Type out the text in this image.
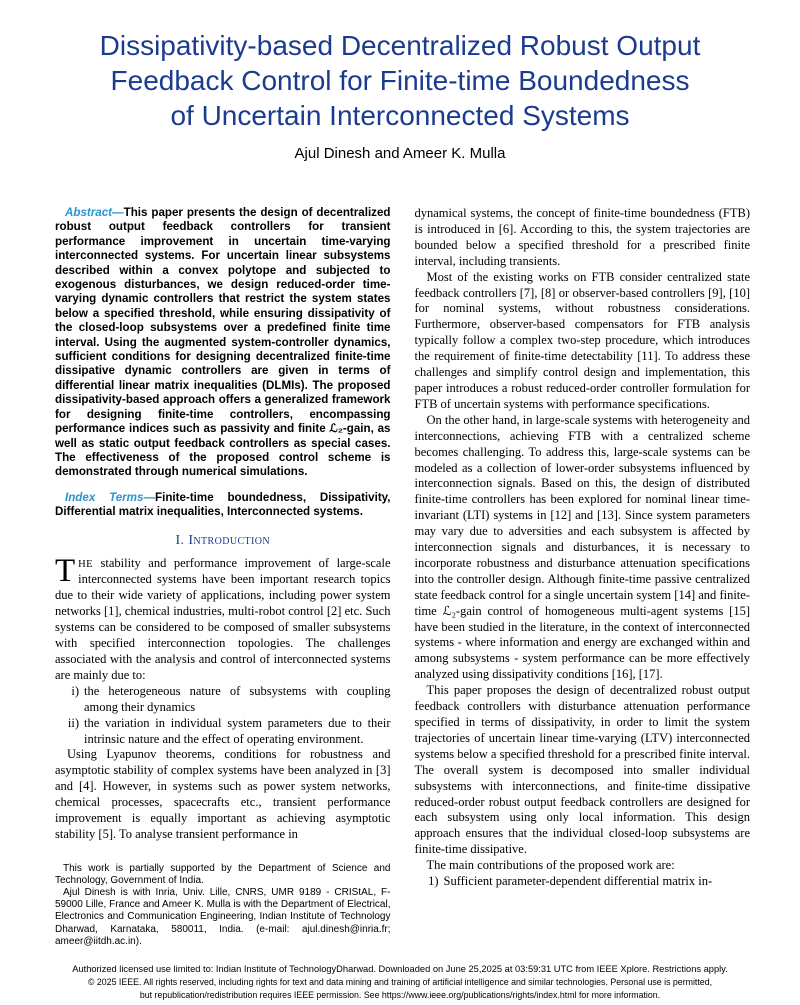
Dissipativity-based Decentralized Robust Output
Feedback Control for Finite-time Boundedness
of Uncertain Interconnected Systems
Ajul Dinesh and Ameer K. Mulla

Abstract—This paper presents the design of decentralized robust output feedback controllers for transient performance improvement in uncertain time-varying interconnected systems. For uncertain linear subsystems described within a convex polytope and subjected to exogenous disturbances, we design reduced-order time-varying dynamic controllers that restrict the system states below a specified threshold, while ensuring dissipativity of the closed-loop subsystems over a predefined finite time interval. Using the augmented system-controller dynamics, sufficient conditions for designing decentralized finite-time dissipative dynamic controllers are given in terms of differential linear matrix inequalities (DLMIs). The proposed dissipativity-based approach offers a generalized framework for designing finite-time controllers, encompassing performance indices such as passivity and finite ℒ₂-gain, as well as static output feedback controllers as special cases. The effectiveness of the proposed control scheme is demonstrated through numerical simulations.

Index Terms—Finite-time boundedness, Dissipativity, Differential matrix inequalities, Interconnected systems.

I. Introduction

THE stability and performance improvement of large-scale interconnected systems have been important research topics due to their wide variety of applications, including power system networks [1], chemical industries, multi-robot control [2] etc. Such systems can be considered to be composed of smaller subsystems with specified interconnection topologies. The challenges associated with the analysis and control of interconnected systems are mainly due to:

i) the heterogeneous nature of subsystems with coupling among their dynamics
ii) the variation in individual system parameters due to their intrinsic nature and the effect of operating environment.

Using Lyapunov theorems, conditions for robustness and asymptotic stability of complex systems have been analyzed in [3] and [4]. However, in systems such as power system networks, chemical processes, spacecrafts etc., transient performance improvement is equally important as achieving asymptotic stability [5]. To analyse transient performance in

This work is partially supported by the Department of Science and Technology, Government of India.

Ajul Dinesh is with Inria, Univ. Lille, CNRS, UMR 9189 - CRIStAL, F-59000 Lille, France and Ameer K. Mulla is with the Department of Electrical, Electronics and Communication Engineering, Indian Institute of Technology Dharwad, Karnataka, 580011, India. (e-mail: ajul.dinesh@inria.fr; ameer@iitdh.ac.in).

dynamical systems, the concept of finite-time boundedness (FTB) is introduced in [6]. According to this, the system trajectories are bounded below a specified threshold for a prescribed finite interval, including transients.

Most of the existing works on FTB consider centralized state feedback controllers [7], [8] or observer-based controllers [9], [10] for nominal systems, without robustness considerations. Furthermore, observer-based compensators for FTB analysis typically follow a complex two-step procedure, which introduces the requirement of finite-time detectability [11]. To address these challenges and simplify control design and implementation, this paper introduces a robust reduced-order controller formulation for FTB of uncertain systems with performance specifications.

On the other hand, in large-scale systems with heterogeneity and interconnections, achieving FTB with a centralized scheme becomes challenging. To address this, large-scale systems can be modeled as a collection of lower-order subsystems influenced by interconnection signals. Based on this, the design of distributed finite-time controllers has been explored for nominal linear time-invariant (LTI) systems in [12] and [13]. Since system parameters may vary due to adversities and each subsystem is affected by interconnection signals and disturbances, it is necessary to incorporate robustness and disturbance attenuation specifications into the controller design. Although finite-time passive centralized state feedback control for a single uncertain system [14] and finite-time ℒ₂-gain control of homogeneous multi-agent systems [15] have been studied in the literature, in the context of interconnected systems - where information and energy are exchanged within and among subsystems - system performance can be more effectively analyzed using dissipativity conditions [16], [17].

This paper proposes the design of decentralized robust output feedback controllers with disturbance attenuation performance specified in terms of dissipativity, in order to limit the system trajectories of uncertain linear time-varying (LTV) interconnected systems below a specified threshold for a prescribed finite interval. The overall system is decomposed into smaller individual subsystems with interconnections, and finite-time dissipative reduced-order robust output feedback controllers are designed for each subsystem using only local information. This design approach ensures that the individual closed-loop subsystems are finite-time dissipative.

The main contributions of the proposed work are:

1) Sufficient parameter-dependent differential matrix in-
Authorized licensed use limited to: Indian Institute of TechnologyDharwad. Downloaded on June 25,2025 at 03:59:31 UTC from IEEE Xplore. Restrictions apply.
© 2025 IEEE. All rights reserved, including rights for text and data mining and training of artificial intelligence and similar technologies. Personal use is permitted,
but republication/redistribution requires IEEE permission. See https://www.ieee.org/publications/rights/index.html for more information.
